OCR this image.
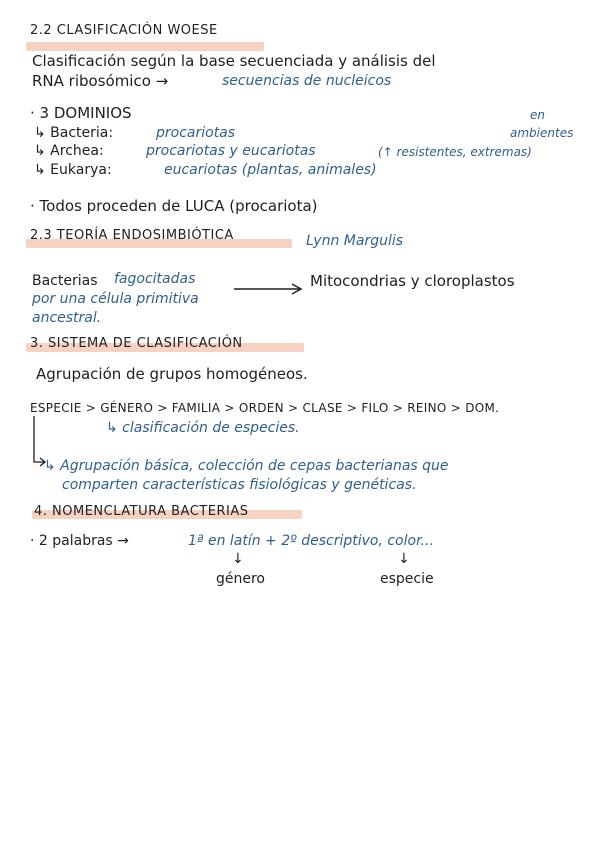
2.2 CLASIFICACIÓN WOESE
Clasificación según la base secuenciada y análisis del
RNA ribosómico →	secuencias de nucleicos
· 3 DOMINIOS	en
↳ Bacteria:	procariotas	ambientes
↳ Archea:	procariotas y eucariotas	(↑ resistentes, extremas)
↳ Eukarya:	eucariotas (plantas, animales)
· Todos proceden de LUCA (procariota)
2.3 TEORÍA ENDOSIMBIÓTICA	Lynn Margulis
Bacterias fagocitadas
por una célula primitiva
ancestral.
Mitocondrias y cloroplastos
3. SISTEMA DE CLASIFICACIÓN
Agrupación de grupos homogéneos.
ESPECIE > GÉNERO > FAMILIA > ORDEN > CLASE > FILO > REINO > DOM.
↳ clasificación de especies.
↳ Agrupación básica, colección de cepas bacterianas que
comparten características fisiológicas y genéticas.
4. NOMENCLATURA BACTERIAS
· 2 palabras →	1ª en latín + 2º descriptivo, color...
↓	↓
género	especie
